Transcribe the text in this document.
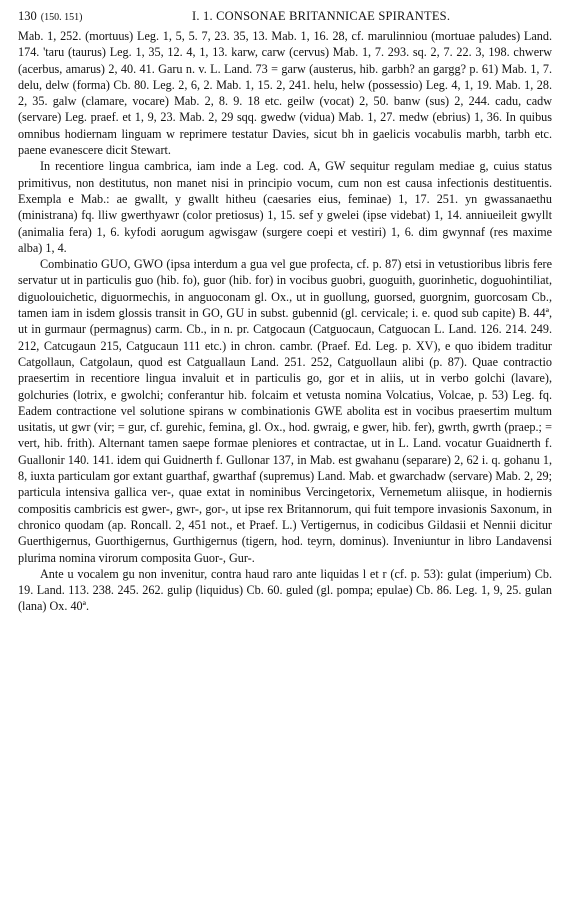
130 (150. 151)	I. 1. CONSONAE BRITANNICAE SPIRANTES.

Mab. 1, 252. (mortuus) Leg. 1, 5, 5. 7, 23. 35, 13. Mab. 1, 16. 28, cf. marulinniou (mortuae paludes) Land. 174. 'taru (taurus) Leg. 1, 35, 12. 4, 1, 13. karw, carw (cervus) Mab. 1, 7. 293. sq. 2, 7. 22. 3, 198. chwerw (acerbus, amarus) 2, 40. 41. Garu n. v. L. Land. 73 = garw (austerus, hib. garbh? an gargg? p. 61) Mab. 1, 7. delu, delw (forma) Cb. 80. Leg. 2, 6, 2. Mab. 1, 15. 2, 241. helu, helw (possessio) Leg. 4, 1, 19. Mab. 1, 28. 2, 35. galw (clamare, vocare) Mab. 2, 8. 9. 18 etc. geilw (vocat) 2, 50. banw (sus) 2, 244. cadu, cadw (servare) Leg. praef. et 1, 9, 23. Mab. 2, 29 sqq. gwedw (vidua) Mab. 1, 27. medw (ebrius) 1, 36. In quibus omnibus hodiernam linguam w reprimere testatur Davies, sicut bh in gaelicis vocabulis marbh, tarbh etc. paene evanescere dicit Stewart.

In recentiore lingua cambrica, iam inde a Leg. cod. A, GW sequitur regulam mediae g, cuius status primitivus, non destitutus, non manet nisi in principio vocum, cum non est causa infectionis destituentis. Exempla e Mab.: ae gwallt, y gwallt hitheu (caesaries eius, feminae) 1, 17. 251. yn gwassanaethu (ministrana) fq. lliw gwerthyawr (color pretiosus) 1, 15. sef y gwelei (ipse videbat) 1, 14. anniueileit gwyllt (animalia fera) 1, 6. kyfodi aorugum agwisgaw (surgere coepi et vestiri) 1, 6. dim gwynnaf (res maxime alba) 1, 4.

Combinatio GUO, GWO (ipsa interdum a gua vel gue profecta, cf. p. 87) etsi in vetustioribus libris fere servatur ut in particulis guo (hib. fo), guor (hib. for) in vocibus guobri, guoguith, guorinhetic, doguohintiliat, diguolouichetic, diguormechis, in anguoconam gl. Ox., ut in guollung, guorsed, guorgnim, guorcosam Cb., tamen iam in isdem glossis transit in GO, GU in subst. gubennid (gl. cervicale; i. e. quod sub capite) B. 44ª, ut in gurmaur (permagnus) carm. Cb., in n. pr. Catgocaun (Catguocaun, Catguocan L. Land. 126. 214. 249. 212, Catcugaun 215, Catgucaun 111 etc.) in chron. cambr. (Praef. Ed. Leg. p. XV), e quo ibidem traditur Catgollaun, Catgolaun, quod est Catguallaun Land. 251. 252, Catguollaun alibi (p. 87). Quae contractio praesertim in recentiore lingua invaluit et in particulis go, gor et in aliis, ut in verbo golchi (lavare), golchuries (lotrix, e gwolchi; conferantur hib. folcaim et vetusta nomina Volcatius, Volcae, p. 53) Leg. fq. Eadem contractione vel solutione spirans w combinationis GWE abolita est in vocibus praesertim multum usitatis, ut gwr (vir; = gur, cf. gurehic, femina, gl. Ox., hod. gwraig, e gwer, hib. fer), gwrth, gwrth (praep.; = vert, hib. frith). Alternant tamen saepe formae pleniores et contractae, ut in L. Land. vocatur Guaidnerth f. Guallonir 140. 141. idem qui Guidnerth f. Gullonar 137, in Mab. est gwahanu (separare) 2, 62 i. q. gohanu 1, 8, iuxta particulam gor extant guarthaf, gwarthaf (supremus) Land. Mab. et gwarchadw (servare) Mab. 2, 29; particula intensiva gallica ver-, quae extat in nominibus Vercingetorix, Vernemetum aliisque, in hodiernis compositis cambricis est gwer-, gwr-, gor-, ut ipse rex Britannorum, qui fuit tempore invasionis Saxonum, in chronico quodam (ap. Roncall. 2, 451 not., et Praef. L.) Vertigernus, in codicibus Gildasii et Nennii dicitur Guerthigernus, Guorthigernus, Gurthigernus (tigern, hod. teyrn, dominus). Inveniuntur in libro Landavensi plurima nomina virorum composita Guor-, Gur-.

Ante u vocalem gu non invenitur, contra haud raro ante liquidas l et r (cf. p. 53): gulat (imperium) Cb. 19. Land. 113. 238. 245. 262. gulip (liquidus) Cb. 60. guled (gl. pompa; epulae) Cb. 86. Leg. 1, 9, 25. gulan (lana) Ox. 40ª.
